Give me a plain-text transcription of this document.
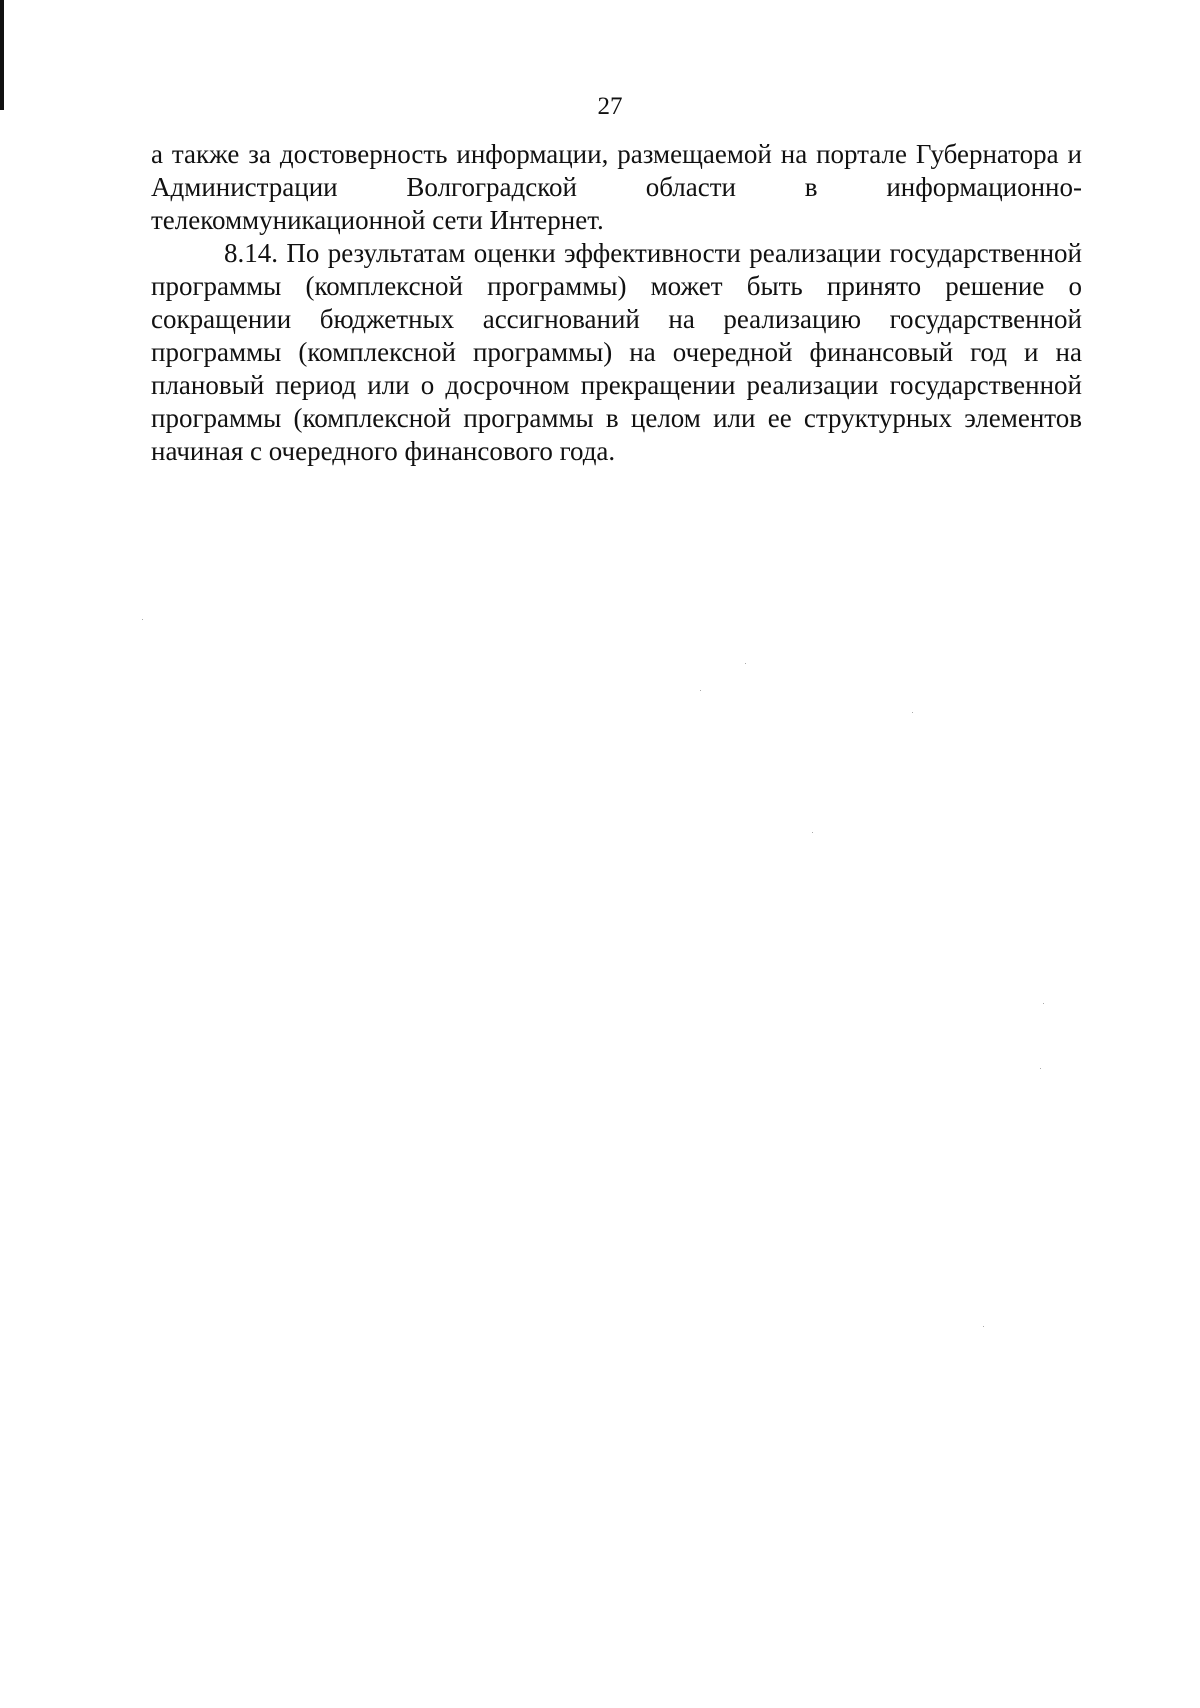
27

а также за достоверность информации, размещаемой на портале Губернатора и Администрации Волгоградской области в информационно-телекоммуникационной сети Интернет.

8.14. По результатам оценки эффективности реализации государственной программы (комплексной программы) может быть принято решение о сокращении бюджетных ассигнований на реализацию государственной программы (комплексной программы) на очередной финансовый год и на плановый период или о досрочном прекращении реализации государственной программы (комплексной программы в целом или ее структурных элементов начиная с очередного финансового года.
